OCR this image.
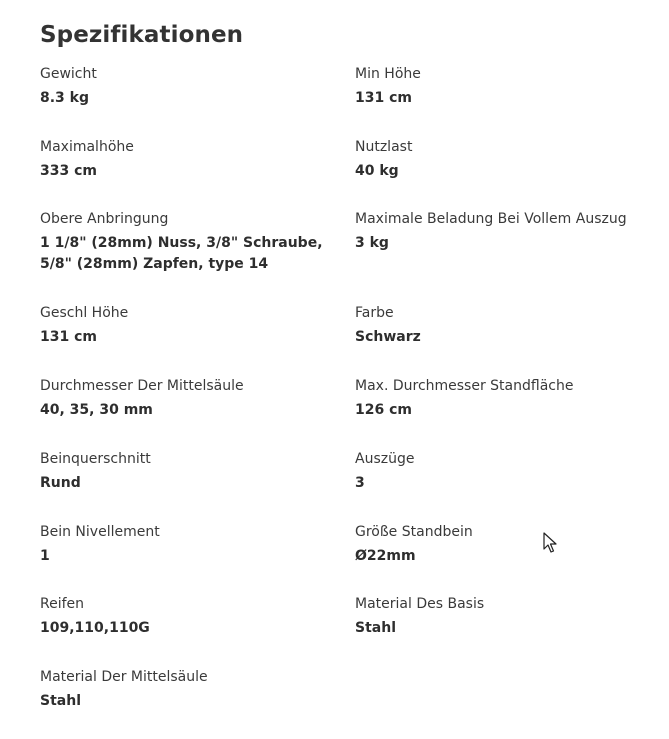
Spezifikationen
Gewicht
8.3 kg
Min Höhe
131 cm
Maximalhöhe
333 cm
Nutzlast
40 kg
Obere Anbringung
1 1/8" (28mm) Nuss, 3/8" Schraube, 5/8" (28mm) Zapfen, type 14
Maximale Beladung Bei Vollem Auszug
3 kg
Geschl Höhe
131 cm
Farbe
Schwarz
Durchmesser Der Mittelsäule
40, 35, 30 mm
Max. Durchmesser Standfläche
126 cm
Beinquerschnitt
Rund
Auszüge
3
Bein Nivellement
1
Größe Standbein
Ø22mm
Reifen
109,110,110G
Material Des Basis
Stahl
Material Der Mittelsäule
Stahl
